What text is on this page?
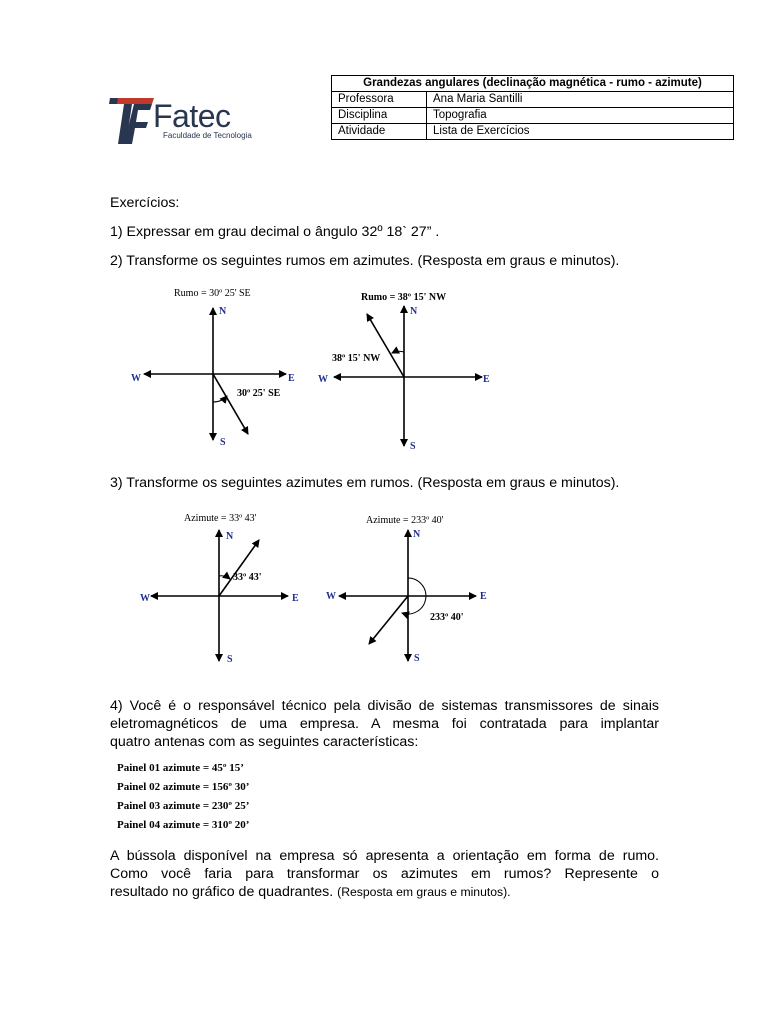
Fatec
Faculdade de Tecnologia
Grandezas angulares (declinação magnética - rumo - azimute)	
Professora	Ana Maria Santilli
Disciplina	Topografia
Atividade	Lista de Exercícios
Exercícios:
1) Expressar em grau decimal o ângulo 32º 18` 27” .
2) Transforme os seguintes rumos em azimutes. (Resposta em graus e minutos).
Rumo = 30º 25' SE
N
S
E
W
30º 25' SE
Rumo = 38º 15' NW
N
S
E
W
38º 15' NW
3) Transforme os seguintes azimutes em rumos. (Resposta em graus e minutos).
Azimute = 33º 43'
N
S
E
W
33º 43'
Azimute = 233º 40'
N
S
E
W
233º 40'
4) Você é o responsável técnico pela divisão de sistemas transmissores de sinais
eletromagnéticos de uma empresa. A mesma foi contratada para implantar
quatro antenas com as seguintes características:
Painel 01 azimute = 45º 15’
Painel 02 azimute = 156º 30’
Painel 03 azimute = 230º 25’
Painel 04 azimute = 310º 20’
A bússola disponível na empresa só apresenta a orientação em forma de rumo.
Como você faria para transformar os azimutes em rumos? Represente o
resultado no gráfico de quadrantes. (Resposta em graus e minutos).
